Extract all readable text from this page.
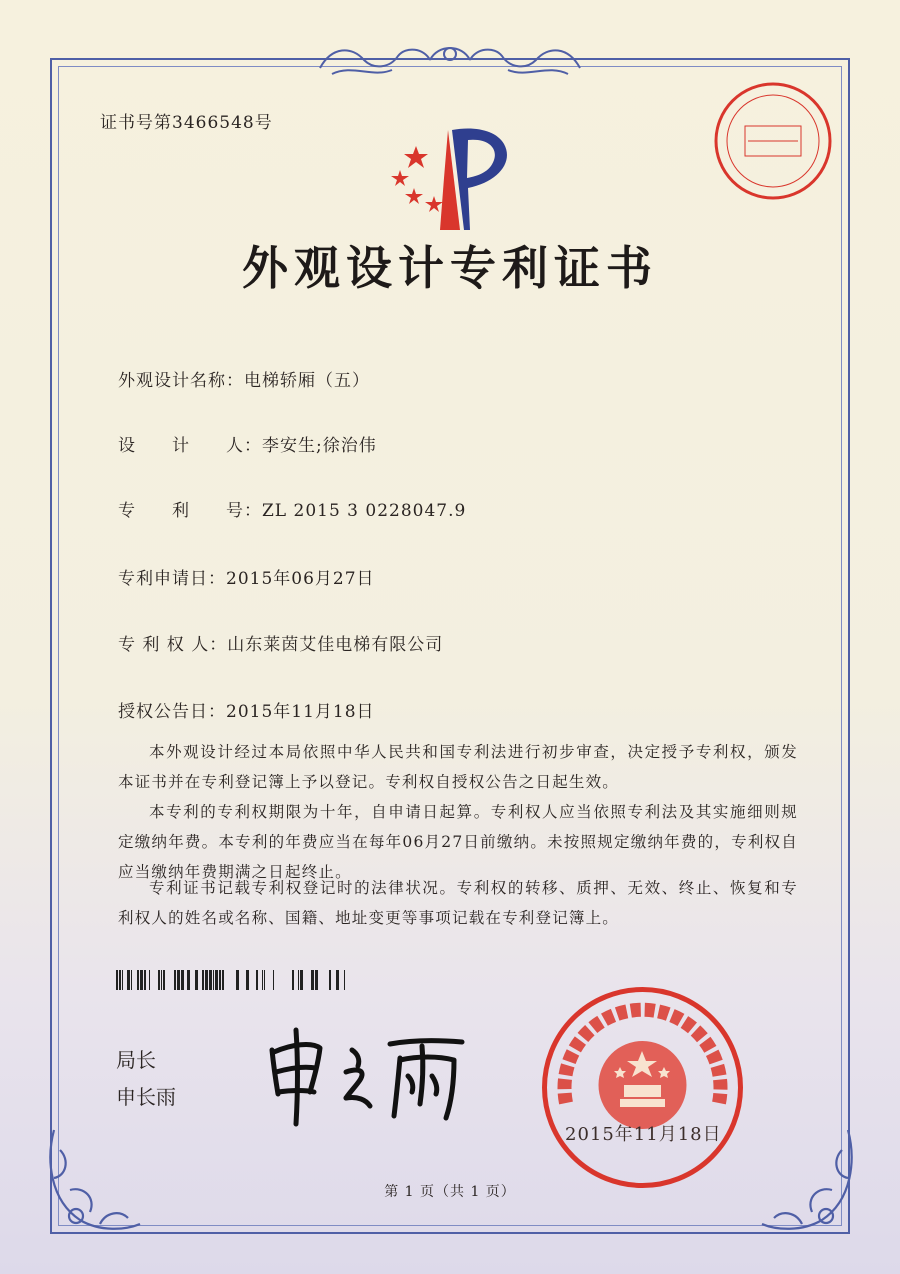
证书号第3466548号
外观设计专利证书
外观设计名称：电梯轿厢（五）
设　　计　　人：李安生;徐治伟
专　　利　　号：ZL 2015 3 0228047.9
专利申请日：2015年06月27日
专 利 权 人：山东莱茵艾佳电梯有限公司
授权公告日：2015年11月18日
本外观设计经过本局依照中华人民共和国专利法进行初步审查，决定授予专利权，颁发本证书并在专利登记簿上予以登记。专利权自授权公告之日起生效。
本专利的专利权期限为十年，自申请日起算。专利权人应当依照专利法及其实施细则规定缴纳年费。本专利的年费应当在每年06月27日前缴纳。未按照规定缴纳年费的，专利权自应当缴纳年费期满之日起终止。
专利证书记载专利权登记时的法律状况。专利权的转移、质押、无效、终止、恢复和专利权人的姓名或名称、国籍、地址变更等事项记载在专利登记簿上。
局长
申长雨
2015年11月18日
第 1 页（共 1 页）
